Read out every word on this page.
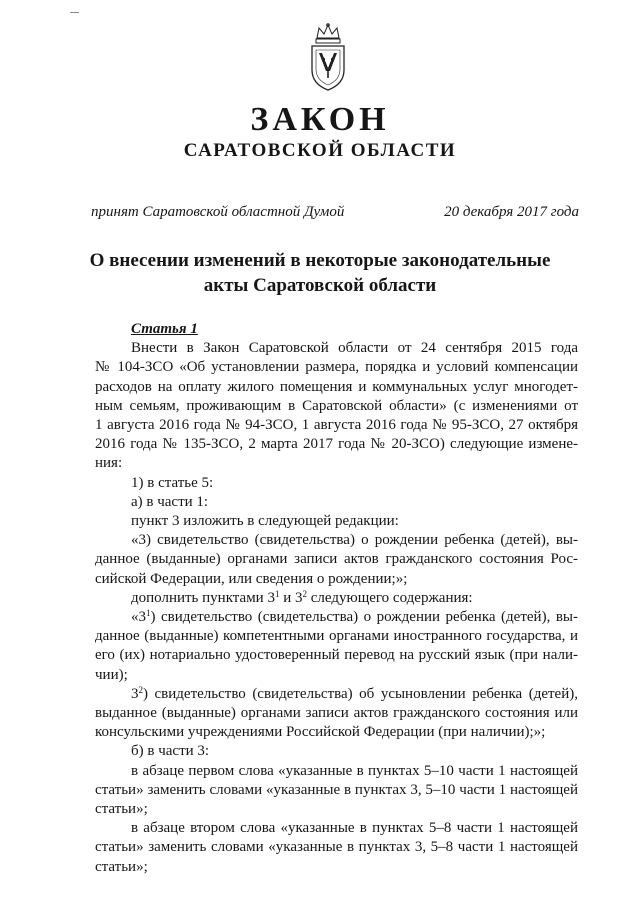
ЗАКОН
САРАТОВСКОЙ ОБЛАСТИ
принят Саратовской областной Думой	20 декабря 2017 года
О внесении изменений в некоторые законодательные
акты Саратовской области
Статья 1
Внести в Закон Саратовской области от 24 сентября 2015 года
№ 104-ЗСО «Об установлении размера, порядка и условий компенсации
расходов на оплату жилого помещения и коммунальных услуг многодет-
ным семьям, проживающим в Саратовской области» (с изменениями от
1 августа 2016 года № 94-ЗСО, 1 августа 2016 года № 95-ЗСО, 27 октября
2016 года № 135-ЗСО, 2 марта 2017 года № 20-ЗСО) следующие измене-
ния:
1) в статье 5:
а) в части 1:
пункт 3 изложить в следующей редакции:
«3) свидетельство (свидетельства) о рождении ребенка (детей), вы-
данное (выданные) органами записи актов гражданского состояния Рос-
сийской Федерации, или сведения о рождении;»;
дополнить пунктами $3^1$ и $3^2$ следующего содержания:
«$3^1$) свидетельство (свидетельства) о рождении ребенка (детей), вы-
данное (выданные) компетентными органами иностранного государства, и
его (их) нотариально удостоверенный перевод на русский язык (при нали-
чии);
$3^2$) свидетельство (свидетельства) об усыновлении ребенка (детей),
выданное (выданные) органами записи актов гражданского состояния или
консульскими учреждениями Российской Федерации (при наличии);»;
б) в части 3:
в абзаце первом слова «указанные в пунктах 5–10 части 1 настоящей
статьи» заменить словами «указанные в пунктах 3, 5–10 части 1 настоящей
статьи»;
в абзаце втором слова «указанные в пунктах 5–8 части 1 настоящей
статьи» заменить словами «указанные в пунктах 3, 5–8 части 1 настоящей
статьи»;
